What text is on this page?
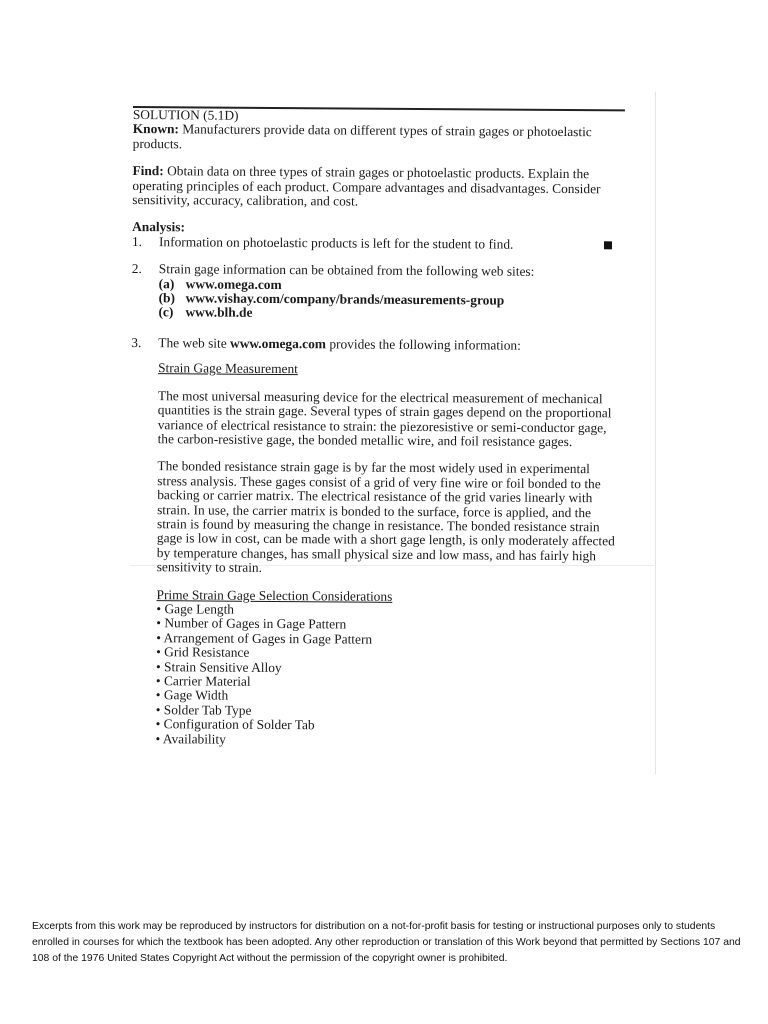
SOLUTION (5.1D)

Known: Manufacturers provide data on different types of strain gages or photoelastic products.

Find: Obtain data on three types of strain gages or photoelastic products. Explain the operating principles of each product. Compare advantages and disadvantages. Consider sensitivity, accuracy, calibration, and cost.

Analysis:

1.	Information on photoelastic products is left for the student to find.
2.	Strain gage information can be obtained from the following web sites:
(a) www.omega.com
(b) www.vishay.com/company/brands/measurements-group
(c) www.blh.de
3.	The web site www.omega.com provides the following information:

Strain Gage Measurement

The most universal measuring device for the electrical measurement of mechanical quantities is the strain gage. Several types of strain gages depend on the proportional variance of electrical resistance to strain: the piezoresistive or semi-conductor gage, the carbon-resistive gage, the bonded metallic wire, and foil resistance gages.

The bonded resistance strain gage is by far the most widely used in experimental stress analysis. These gages consist of a grid of very fine wire or foil bonded to the backing or carrier matrix. The electrical resistance of the grid varies linearly with strain. In use, the carrier matrix is bonded to the surface, force is applied, and the strain is found by measuring the change in resistance. The bonded resistance strain gage is low in cost, can be made with a short gage length, is only moderately affected by temperature changes, has small physical size and low mass, and has fairly high sensitivity to strain.

Prime Strain Gage Selection Considerations

• Gage Length
• Number of Gages in Gage Pattern
• Arrangement of Gages in Gage Pattern
• Grid Resistance
• Strain Sensitive Alloy
• Carrier Material
• Gage Width
• Solder Tab Type
• Configuration of Solder Tab
• Availability

Excerpts from this work may be reproduced by instructors for distribution on a not-for-profit basis for testing or instructional purposes only to students enrolled in courses for which the textbook has been adopted. Any other reproduction or translation of this Work beyond that permitted by Sections 107 and 108 of the 1976 United States Copyright Act without the permission of the copyright owner is prohibited.
